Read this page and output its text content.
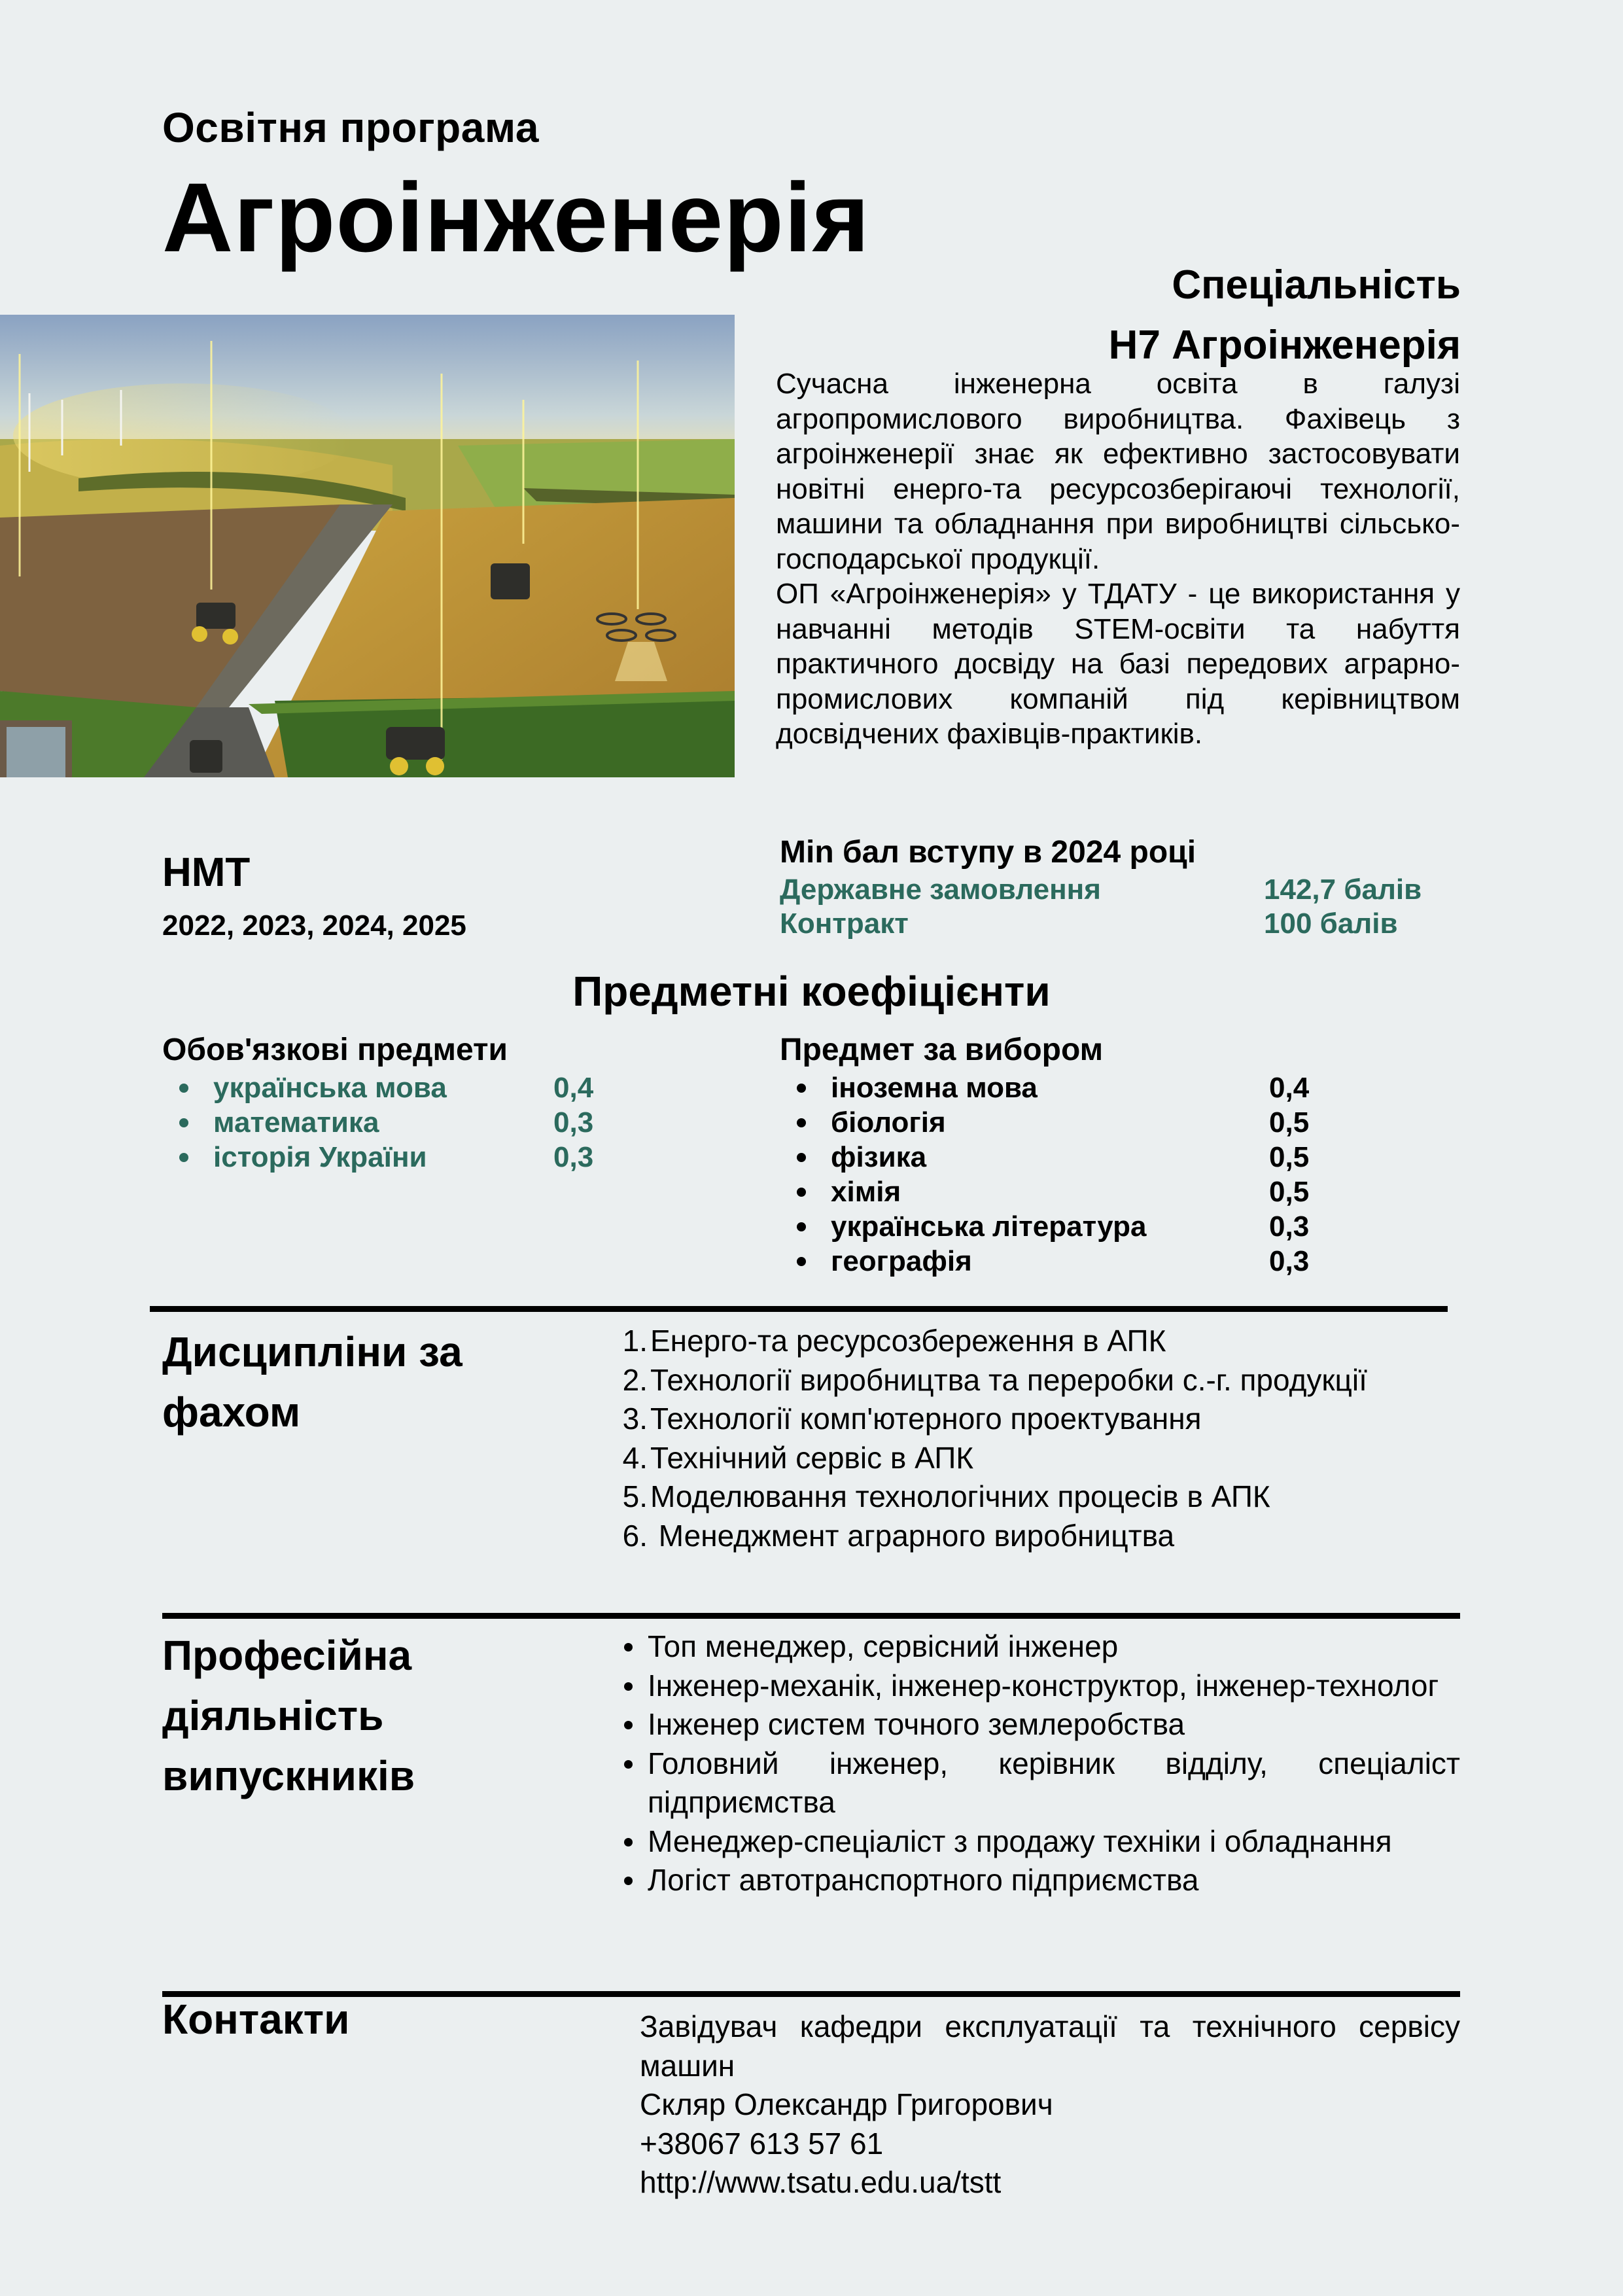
Освітня програма
Агроінженерія
Спеціальність
H7 Агроінженерія

Сучасна інженерна освіта в галузі агропромислового виробництва. Фахівець з агроінженерії знає як ефективно застосовувати новітні енерго-та ресурсозберігаючі технології, машини та обладнання при виробництві сільсько-господарської продукції.

ОП «Агроінженерія» у ТДАТУ - це використання у навчанні методів STEM-освіти та набуття практичного досвіду на базі передових аграрно-промислових компаній під керівництвом досвідчених фахівців-практиків.

НМТ
2022, 2023, 2024, 2025
Min бал вступу в 2024 році
Державне замовлення	142,7 балів
Контракт	100 балів
Предметні коефіцієнти
Обов'язкові предмети
українська мова	0,4
математика	0,3
історія України	0,3
Предмет за вибором
іноземна мова	0,4
біологія	0,5
фізика	0,5
хімія	0,5
українська література	0,3
географія	0,3
Дисципліни за
фахом
1. Енерго-та ресурсозбереження в АПК
2. Технології виробництва та переробки с.-г. продукції
3. Технології комп'ютерного проектування
4. Технічний сервіс в АПК
5. Моделювання технологічних процесів в АПК
6. Менеджмент аграрного виробництва
Професійна
діяльність
випускників
Топ менеджер, сервісний інженер
Інженер-механік, інженер-конструктор, інженер-технолог
Інженер систем точного землеробства
Головний інженер, керівник відділу, спеціаліст підприємства
Менеджер-спеціаліст з продажу техніки і обладнання
Логіст автотранспортного підприємства
Контакти	Завідувач кафедри експлуатації та технічного сервісу машин
Скляр Олександр Григорович
+38067 613 57 61
http://www.tsatu.edu.ua/tstt
